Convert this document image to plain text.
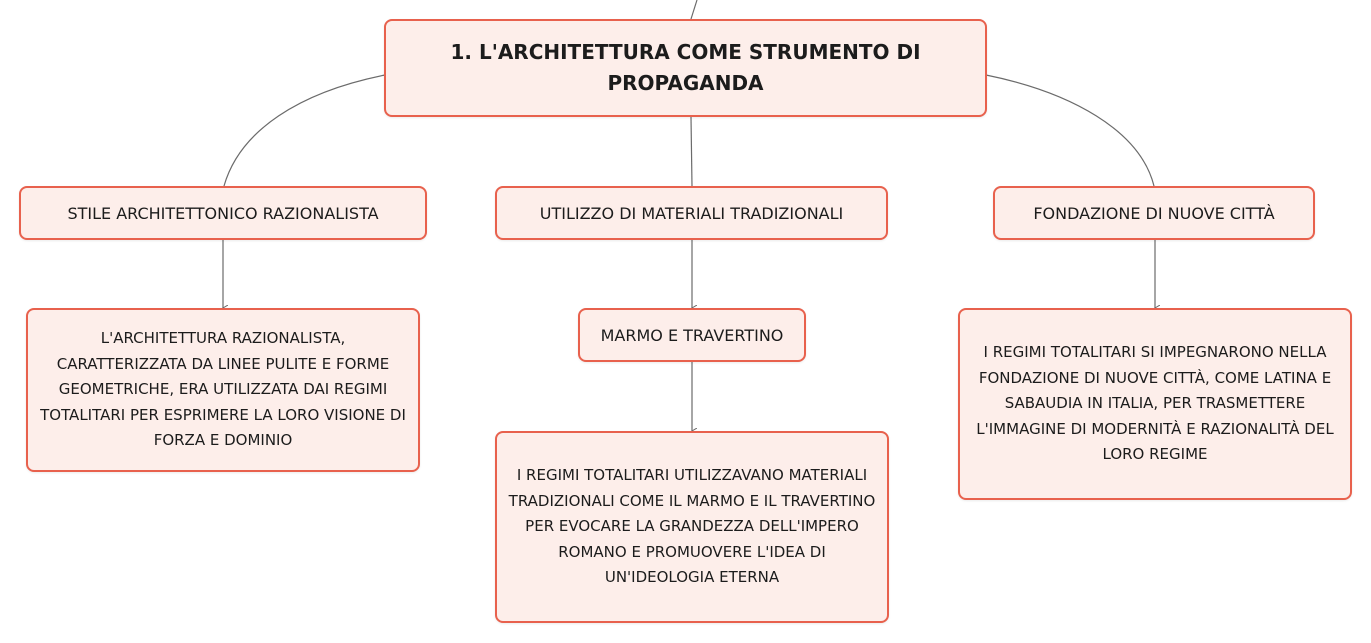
1. L'ARCHITETTURA COME STRUMENTO DI PROPAGANDA
STILE ARCHITETTONICO RAZIONALISTA	UTILIZZO DI MATERIALI TRADIZIONALI	FONDAZIONE DI NUOVE CITTÀ
MARMO E TRAVERTINO
L'ARCHITETTURA RAZIONALISTA, CARATTERIZZATA DA LINEE PULITE E FORME GEOMETRICHE, ERA UTILIZZATA DAI REGIMI TOTALITARI PER ESPRIMERE LA LORO VISIONE DI FORZA E DOMINIO
I REGIMI TOTALITARI UTILIZZAVANO MATERIALI TRADIZIONALI COME IL MARMO E IL TRAVERTINO PER EVOCARE LA GRANDEZZA DELL'IMPERO ROMANO E PROMUOVERE L'IDEA DI UN'IDEOLOGIA ETERNA
I REGIMI TOTALITARI SI IMPEGNARONO NELLA FONDAZIONE DI NUOVE CITTÀ, COME LATINA E SABAUDIA IN ITALIA, PER TRASMETTERE L'IMMAGINE DI MODERNITÀ E RAZIONALITÀ DEL LORO REGIME
